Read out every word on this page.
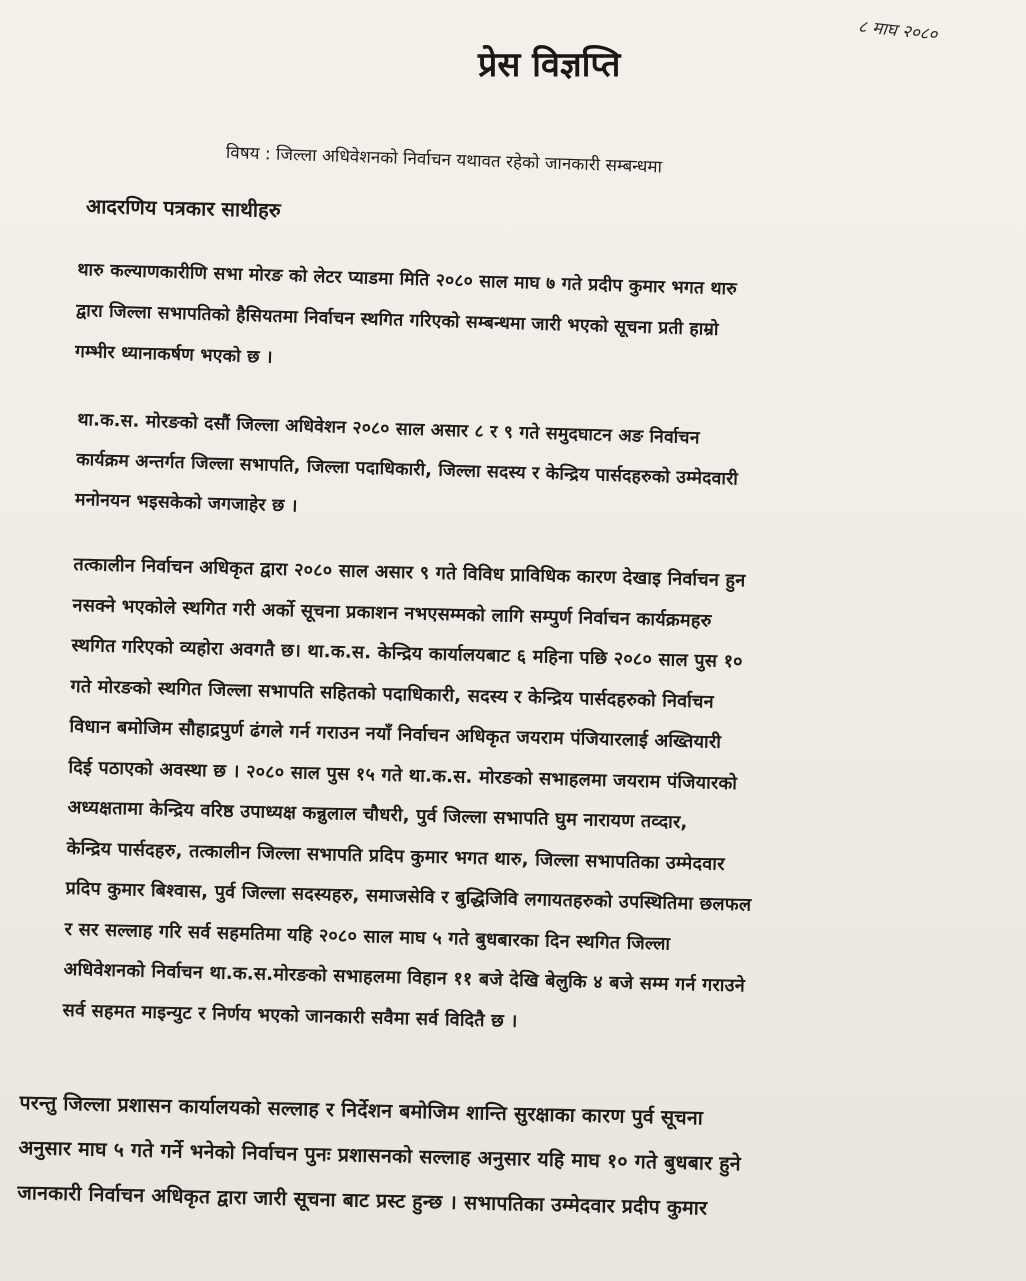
८ माघ २०८०
प्रेस विज्ञप्ति
विषय : जिल्ला अधिवेशनको निर्वाचन यथावत रहेको जानकारी सम्बन्धमा
आदरणिय पत्रकार साथीहरु
थारु कल्याणकारीणि सभा मोरङ को लेटर प्याडमा मिति २०८० साल माघ ७ गते प्रदीप कुमार भगत थारु
द्वारा जिल्ला सभापतिको हैसियतमा निर्वाचन स्थगित गरिएको सम्बन्धमा जारी भएको सूचना प्रती हाम्रो
गम्भीर ध्यानाकर्षण भएको छ ।
था.क.स. मोरङको दसौं जिल्ला अधिवेशन २०८० साल असार ८ र ९ गते समुदघाटन अङ निर्वाचन
कार्यक्रम अन्तर्गत जिल्ला सभापति, जिल्ला पदाधिकारी, जिल्ला सदस्य र केन्द्रिय पार्सदहरुको उम्मेदवारी
मनोनयन भइसकेको जगजाहेर छ ।
तत्कालीन निर्वाचन अधिकृत द्वारा २०८० साल असार ९ गते विविध प्राविधिक कारण देखाइ निर्वाचन हुन
नसक्ने भएकोले स्थगित गरी अर्को सूचना प्रकाशन नभएसम्मको लागि सम्पुर्ण निर्वाचन कार्यक्रमहरु
स्थगित गरिएको व्यहोरा अवगतै छ। था.क.स. केन्द्रिय कार्यालयबाट ६ महिना पछि २०८० साल पुस १०
गते मोरङको स्थगित जिल्ला सभापति सहितको पदाधिकारी, सदस्य र केन्द्रिय पार्सदहरुको निर्वाचन
विधान बमोजिम सौहाद्रपुर्ण ढंगले गर्न गराउन नयाँ निर्वाचन अधिकृत जयराम पंजियारलाई अख्तियारी
दिई पठाएको अवस्था छ । २०८० साल पुस १५ गते था.क.स. मोरङको सभाहलमा जयराम पंजियारको
अध्यक्षतामा केन्द्रिय वरिष्ठ उपाध्यक्ष कन्नुलाल चौधरी, पुर्व जिल्ला सभापति घुम नारायण तव्दार,
केन्द्रिय पार्सदहरु, तत्कालीन जिल्ला सभापति प्रदिप कुमार भगत थारु, जिल्ला सभापतिका उम्मेदवार
प्रदिप कुमार बिश्वास, पुर्व जिल्ला सदस्यहरु, समाजसेवि र बुद्धिजिवि लगायतहरुको उपस्थितिमा छलफल
र सर सल्लाह गरि सर्व सहमतिमा यहि २०८० साल माघ ५ गते बुधबारका दिन स्थगित जिल्ला
अधिवेशनको निर्वाचन था.क.स.मोरङको सभाहलमा विहान ११ बजे देखि बेलुकि ४ बजे सम्म गर्न गराउने
सर्व सहमत माइन्युट र निर्णय भएको जानकारी सवैमा सर्व विदितै छ ।
परन्तु जिल्ला प्रशासन कार्यालयको सल्लाह र निर्देशन बमोजिम शान्ति सुरक्षाका कारण पुर्व सूचना
अनुसार माघ ५ गते गर्ने भनेको निर्वाचन पुनः प्रशासनको सल्लाह अनुसार यहि माघ १० गते बुधबार हुने
जानकारी निर्वाचन अधिकृत द्वारा जारी सूचना बाट प्रस्ट हुन्छ । सभापतिका उम्मेदवार प्रदीप कुमार
